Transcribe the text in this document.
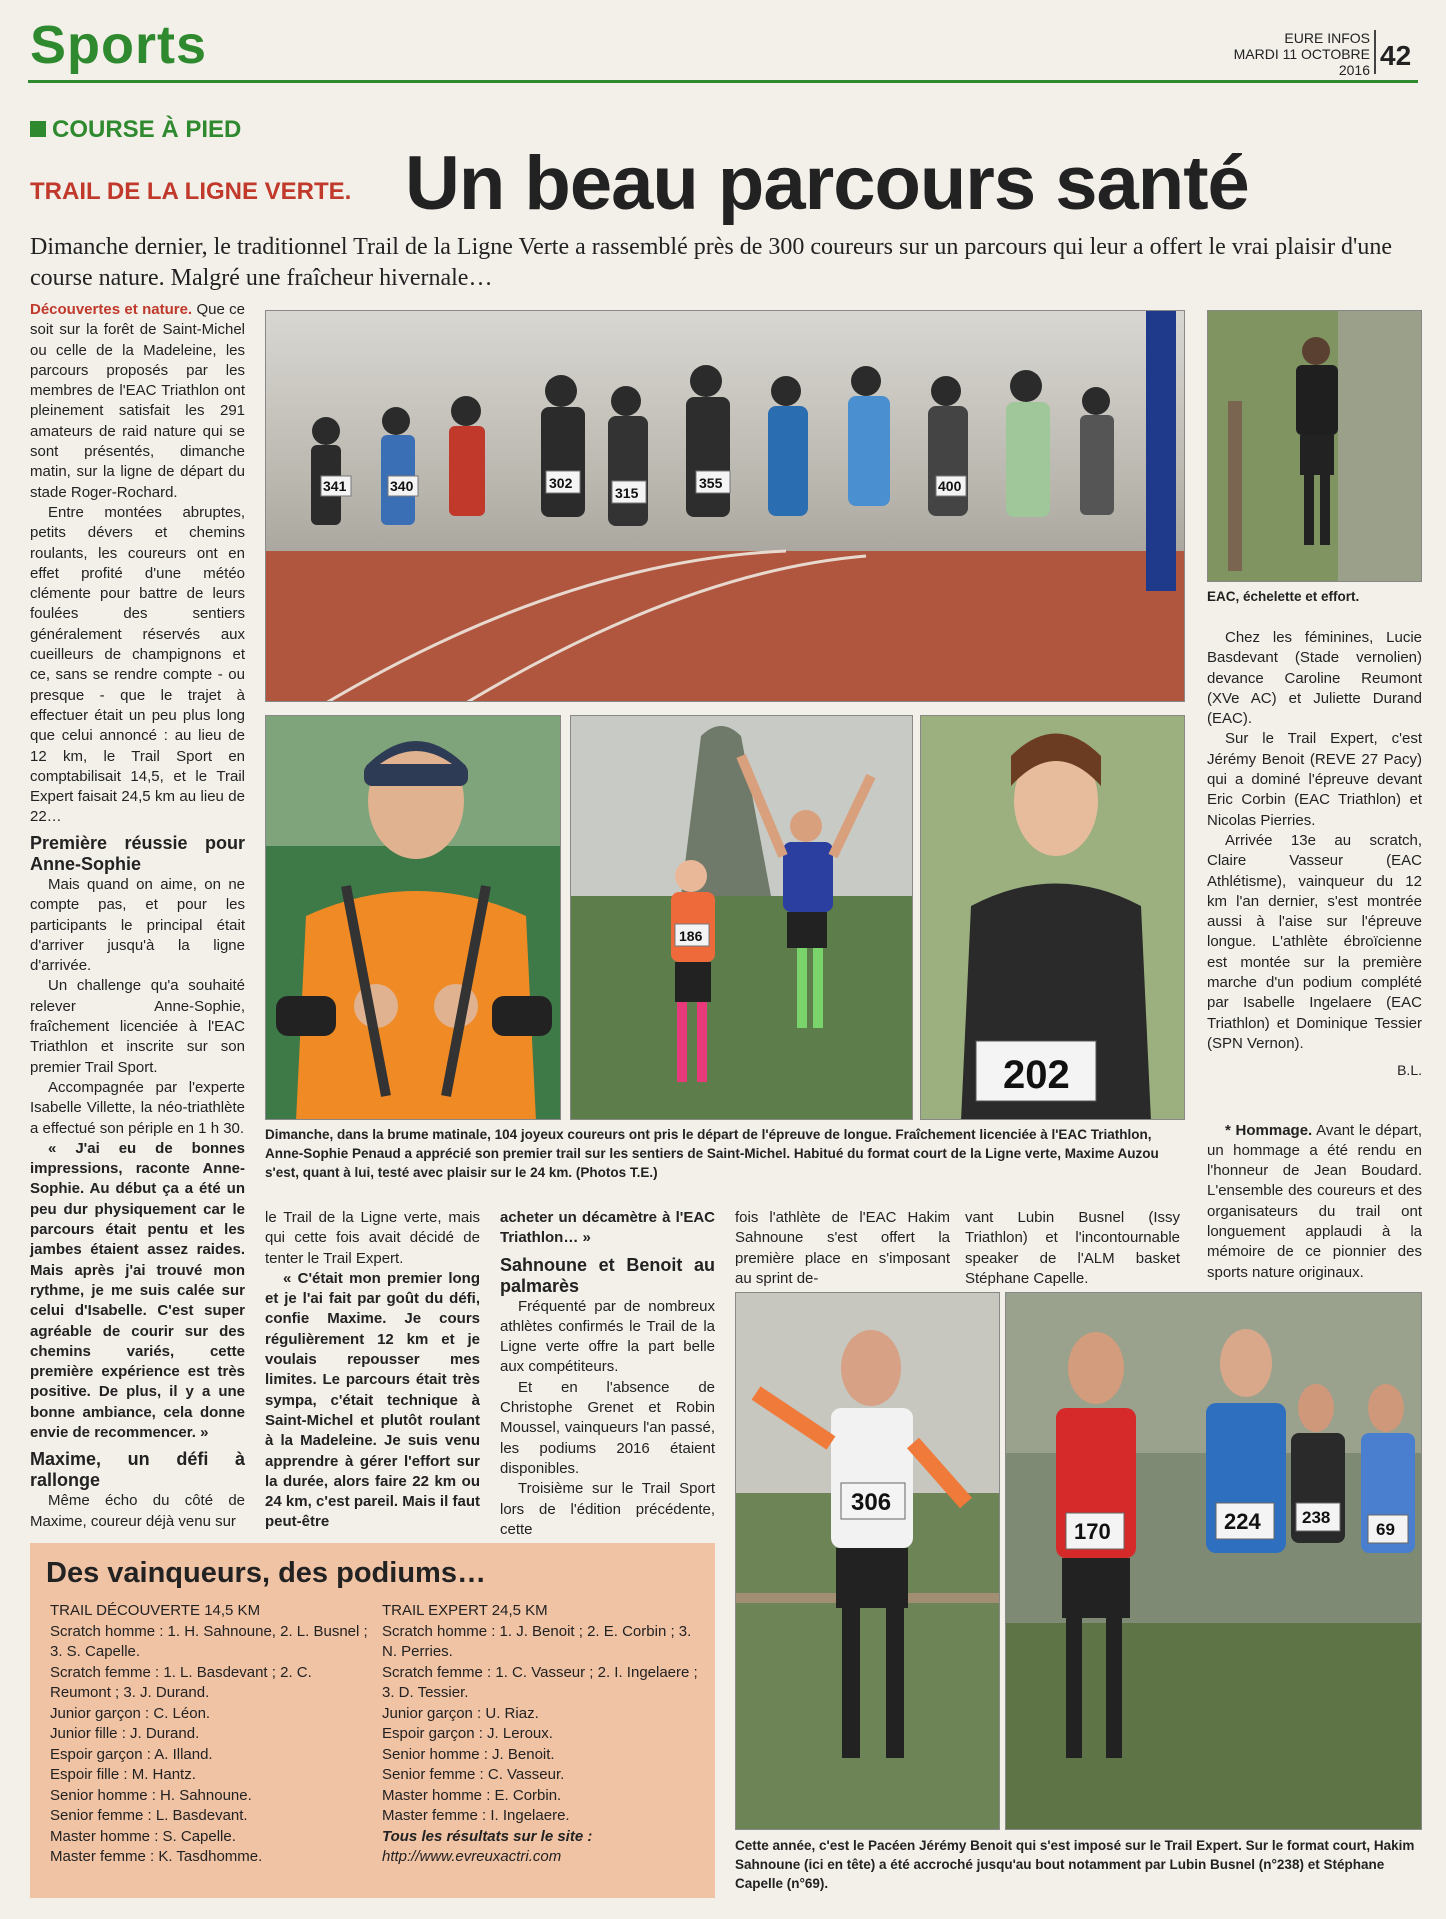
Sports	EURE INFOS
MARDI 11 OCTOBRE 2016 42
COURSE À PIED
TRAIL DE LA LIGNE VERTE. Un beau parcours santé
Dimanche dernier, le traditionnel Trail de la Ligne Verte a rassemblé près de 300 coureurs sur un parcours qui leur a offert le vrai plaisir d'une course nature. Malgré une fraîcheur hivernale…

Découvertes et nature. Que ce soit sur la forêt de Saint-Michel ou celle de la Madeleine, les parcours proposés par les membres de l'EAC Triathlon ont pleinement satisfait les 291 amateurs de raid nature qui se sont présentés, dimanche matin, sur la ligne de départ du stade Roger-Rochard.

Entre montées abruptes, petits dévers et chemins roulants, les coureurs ont en effet profité d'une météo clémente pour battre de leurs foulées des sentiers généralement réservés aux cueilleurs de champignons et ce, sans se rendre compte - ou presque - que le trajet à effectuer était un peu plus long que celui annoncé : au lieu de 12 km, le Trail Sport en comptabilisait 14,5, et le Trail Expert faisait 24,5 km au lieu de 22…

Première réussie pour Anne-Sophie

Mais quand on aime, on ne compte pas, et pour les participants le principal était d'arriver jusqu'à la ligne d'arrivée.

Un challenge qu'a souhaité relever Anne-Sophie, fraîchement licenciée à l'EAC Triathlon et inscrite sur son premier Trail Sport.

Accompagnée par l'experte Isabelle Villette, la néo-triathlète a effectué son périple en 1 h 30.

« J'ai eu de bonnes impressions, raconte Anne-Sophie. Au début ça a été un peu dur physiquement car le parcours était pentu et les jambes étaient assez raides. Mais après j'ai trouvé mon rythme, je me suis calée sur celui d'Isabelle. C'est super agréable de courir sur des chemins variés, cette première expérience est très positive. De plus, il y a une bonne ambiance, cela donne envie de recommencer. »

Maxime, un défi à rallonge

Même écho du côté de Maxime, coureur déjà venu sur

302
315
355
340
341	400
EAC, échelette et effort.
186
202
Dimanche, dans la brume matinale, 104 joyeux coureurs ont pris le départ de l'épreuve de longue. Fraîchement licenciée à l'EAC Triathlon, Anne-Sophie Penaud a apprécié son premier trail sur les sentiers de Saint-Michel. Habitué du format court de la Ligne verte, Maxime Auzou s'est, quant à lui, testé avec plaisir sur le 24 km. (Photos T.E.)

le Trail de la Ligne verte, mais qui cette fois avait décidé de tenter le Trail Expert.

« C'était mon premier long et je l'ai fait par goût du défi, confie Maxime. Je cours régulièrement 12 km et je voulais repousser mes limites. Le parcours était très sympa, c'était technique à Saint-Michel et plutôt roulant à la Madeleine. Je suis venu apprendre à gérer l'effort sur la durée, alors faire 22 km ou 24 km, c'est pareil. Mais il faut peut-être

acheter un décamètre à l'EAC Triathlon… »

Sahnoune et Benoit au palmarès

Fréquenté par de nombreux athlètes confirmés le Trail de la Ligne verte offre la part belle aux compétiteurs.

Et en l'absence de Christophe Grenet et Robin Moussel, vainqueurs l'an passé, les podiums 2016 étaient disponibles.

Troisième sur le Trail Sport lors de l'édition précédente, cette

fois l'athlète de l'EAC Hakim Sahnoune s'est offert la première place en s'imposant au sprint de-

vant Lubin Busnel (Issy Triathlon) et l'incontournable speaker de l'ALM basket Stéphane Capelle.

Chez les féminines, Lucie Basdevant (Stade vernolien) devance Caroline Reumont (XVe AC) et Juliette Durand (EAC).

Sur le Trail Expert, c'est Jérémy Benoit (REVE 27 Pacy) qui a dominé l'épreuve devant Eric Corbin (EAC Triathlon) et Nicolas Pierries.

Arrivée 13e au scratch, Claire Vasseur (EAC Athlétisme), vainqueur du 12 km l'an dernier, s'est montrée aussi à l'aise sur l'épreuve longue. L'athlète ébroïcienne est montée sur la première marche d'un podium complété par Isabelle Ingelaere (EAC Triathlon) et Dominique Tessier (SPN Vernon).

B.L.

* Hommage. Avant le départ, un hommage a été rendu en l'honneur de Jean Boudard. L'ensemble des coureurs et des organisateurs du trail ont longuement applaudi à la mémoire de ce pionnier des sports nature originaux.

306
170	224 238
69
Cette année, c'est le Pacéen Jérémy Benoit qui s'est imposé sur le Trail Expert. Sur le format court, Hakim Sahnoune (ici en tête) a été accroché jusqu'au bout notamment par Lubin Busnel (n°238) et Stéphane Capelle (n°69).
Des vainqueurs, des podiums…
TRAIL DÉCOUVERTE 14,5 KM
Scratch homme : 1. H. Sahnoune, 2. L. Busnel ; 3. S. Capelle.
Scratch femme : 1. L. Basdevant ; 2. C. Reumont ; 3. J. Durand.
Junior garçon : C. Léon.
Junior fille : J. Durand.
Espoir garçon : A. Illand.
Espoir fille : M. Hantz.
Senior homme : H. Sahnoune.
Senior femme : L. Basdevant.
Master homme : S. Capelle.
Master femme : K. Tasdhomme.
TRAIL EXPERT 24,5 KM
Scratch homme : 1. J. Benoit ; 2. E. Corbin ; 3. N. Perries.
Scratch femme : 1. C. Vasseur ; 2. I. Ingelaere ; 3. D. Tessier.
Junior garçon : U. Riaz.
Espoir garçon : J. Leroux.
Senior homme : J. Benoit.
Senior femme : C. Vasseur.
Master homme : E. Corbin.
Master femme : I. Ingelaere.
Tous les résultats sur le site :
http://www.evreuxactri.com
